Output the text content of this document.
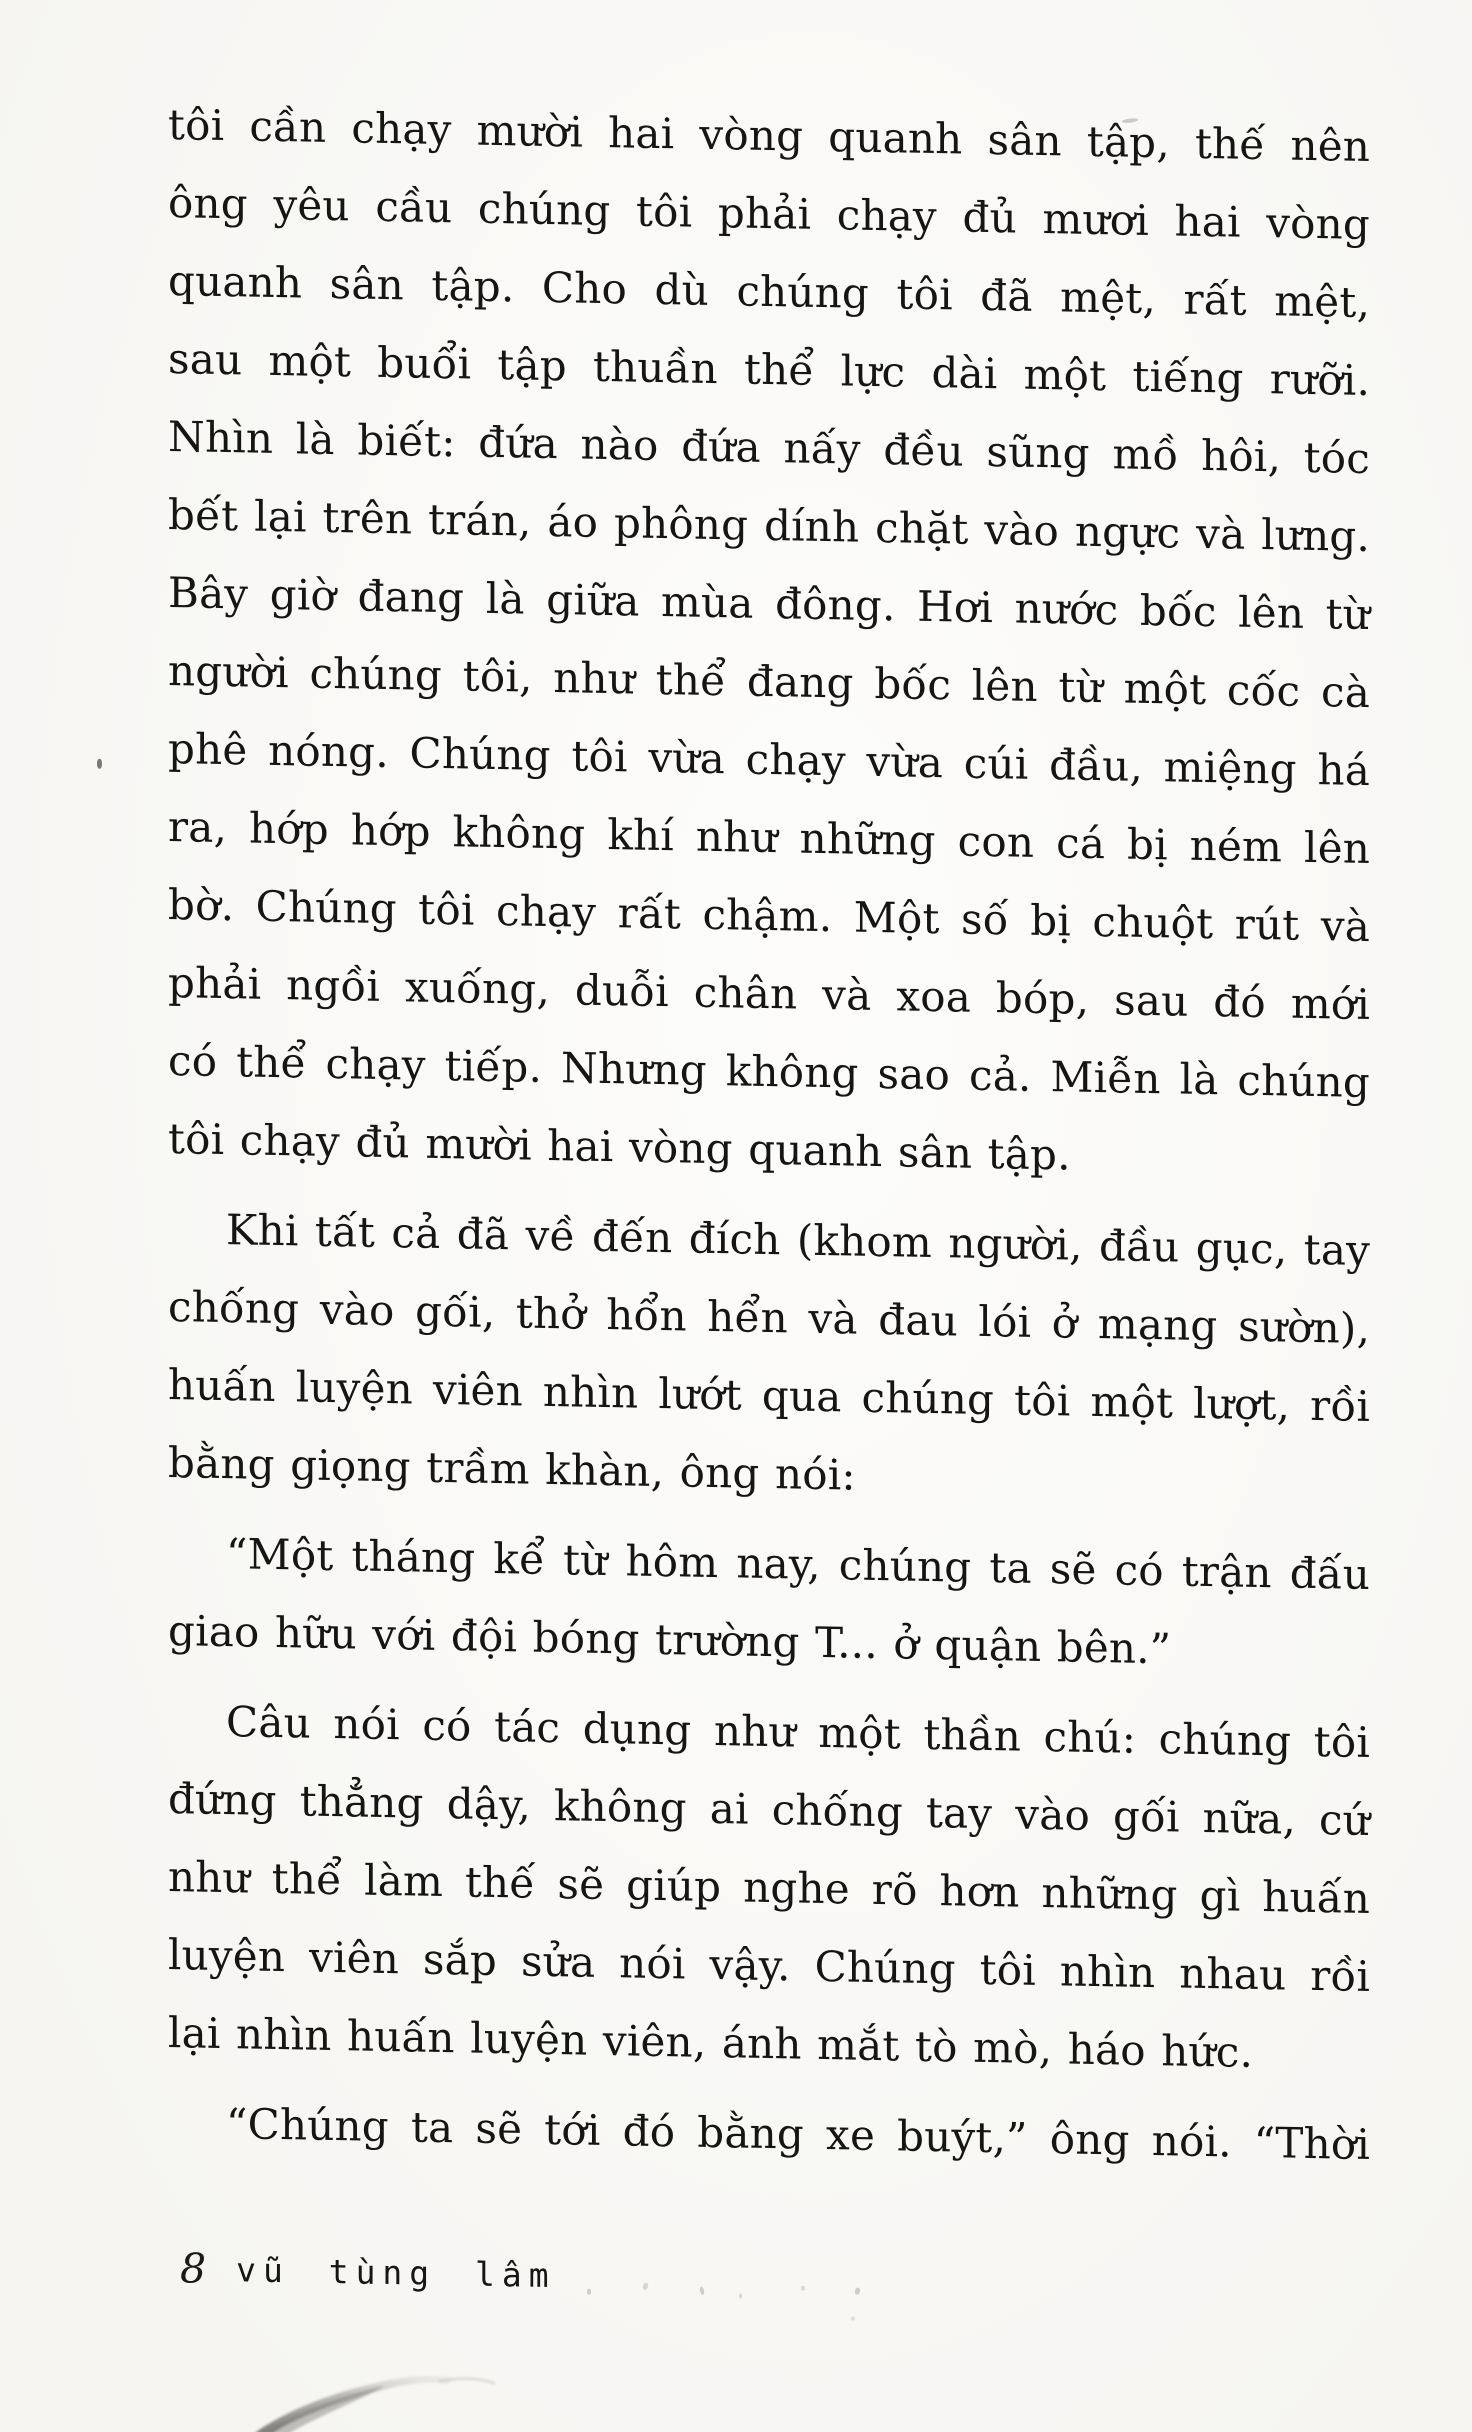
tôi cần chạy mười hai vòng quanh sân tập, thế nên
ông yêu cầu chúng tôi phải chạy đủ mươi hai vòng
quanh sân tập. Cho dù chúng tôi đã mệt, rất mệt,
sau một buổi tập thuần thể lực dài một tiếng rưỡi.
Nhìn là biết: đứa nào đứa nấy đều sũng mồ hôi, tóc
bết lại trên trán, áo phông dính chặt vào ngực và lưng.
Bây giờ đang là giữa mùa đông. Hơi nước bốc lên từ
người chúng tôi, như thể đang bốc lên từ một cốc cà
phê nóng. Chúng tôi vừa chạy vừa cúi đầu, miệng há
ra, hớp hớp không khí như những con cá bị ném lên
bờ. Chúng tôi chạy rất chậm. Một số bị chuột rút và
phải ngồi xuống, duỗi chân và xoa bóp, sau đó mới
có thể chạy tiếp. Nhưng không sao cả. Miễn là chúng
tôi chạy đủ mười hai vòng quanh sân tập.
Khi tất cả đã về đến đích (khom người, đầu gục, tay
chống vào gối, thở hổn hển và đau lói ở mạng sườn),
huấn luyện viên nhìn lướt qua chúng tôi một lượt, rồi
bằng giọng trầm khàn, ông nói:
“Một tháng kể từ hôm nay, chúng ta sẽ có trận đấu
giao hữu với đội bóng trường T... ở quận bên.”
Câu nói có tác dụng như một thần chú: chúng tôi
đứng thẳng dậy, không ai chống tay vào gối nữa, cứ
như thể làm thế sẽ giúp nghe rõ hơn những gì huấn
luyện viên sắp sửa nói vậy. Chúng tôi nhìn nhau rồi
lại nhìn huấn luyện viên, ánh mắt tò mò, háo hức.
“Chúng ta sẽ tới đó bằng xe buýt,” ông nói. “Thời
8 vũ tùng lâm
